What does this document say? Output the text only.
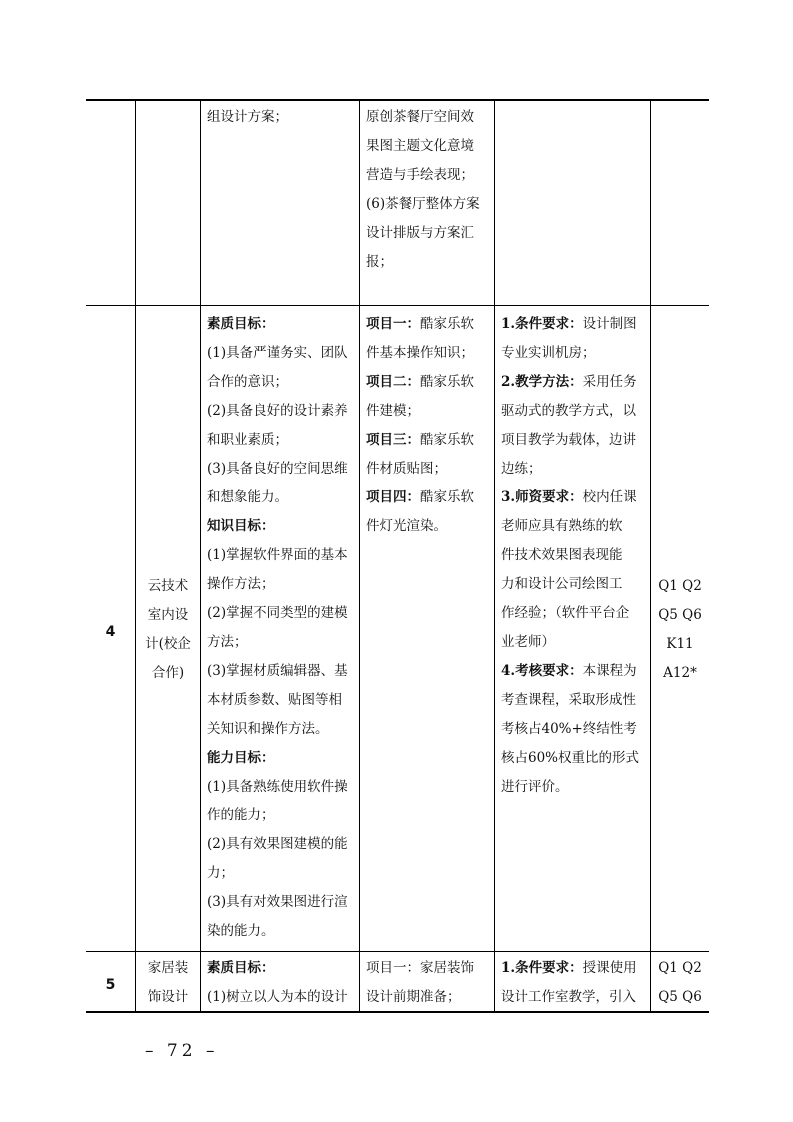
组设计方案；	原创茶餐厅空间效

果图主题文化意境

营造与手绘表现；

(6)茶餐厅整体方案

设计排版与方案汇

报；

4

云技术

室内设

计(校企

合作)

素质目标：

(1)具备严谨务实、团队

合作的意识；

(2)具备良好的设计素养

和职业素质；

(3)具备良好的空间思维

和想象能力。

知识目标：

(1)掌握软件界面的基本

操作方法；

(2)掌握不同类型的建模

方法；

(3)掌握材质编辑器、基

本材质参数、贴图等相

关知识和操作方法。

能力目标：

(1)具备熟练使用软件操

作的能力；

(2)具有效果图建模的能

力；

(3)具有对效果图进行渲

染的能力。

项目一：酷家乐软

件基本操作知识；

项目二：酷家乐软

件建模；

项目三：酷家乐软

件材质贴图；

项目四：酷家乐软

件灯光渲染。

1.条件要求：设计制图

专业实训机房；

2.教学方法：采用任务

驱动式的教学方式，以

项目教学为载体，边讲

边练；

3.师资要求：校内任课

老师应具有熟练的软

件技术效果图表现能

力和设计公司绘图工

作经验；（软件平台企

业老师）

4.考核要求：本课程为

考查课程，采取形成性

考核占40%+终结性考

核占60%权重比的形式

进行评价。

Q1 Q2

Q5 Q6

K11

A12*

5

家居装

饰设计

素质目标：

(1)树立以人为本的设计

项目一：家居装饰

设计前期准备；

1.条件要求：授课使用

设计工作室教学，引入

Q1 Q2

Q5 Q6

– 72 –
